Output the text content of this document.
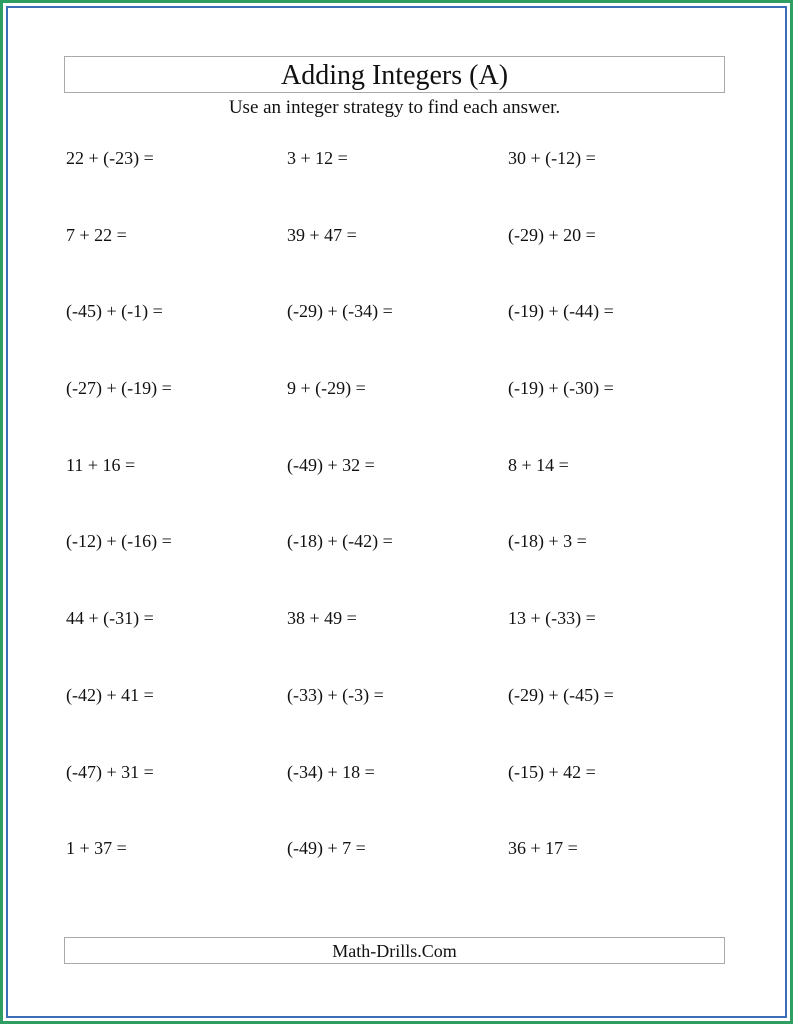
Adding Integers (A)
Use an integer strategy to find each answer.
22 + (-23) =	3 + 12 =	30 + (-12) =
7 + 22 =	39 + 47 =	(-29) + 20 =
(-45) + (-1) =	(-29) + (-34) =	(-19) + (-44) =
(-27) + (-19) =	9 + (-29) =	(-19) + (-30) =
11 + 16 =	(-49) + 32 =	8 + 14 =
(-12) + (-16) =	(-18) + (-42) =	(-18) + 3 =
44 + (-31) =	38 + 49 =	13 + (-33) =
(-42) + 41 =	(-33) + (-3) =	(-29) + (-45) =
(-47) + 31 =	(-34) + 18 =	(-15) + 42 =
1 + 37 =	(-49) + 7 =	36 + 17 =
Math-Drills.Com
